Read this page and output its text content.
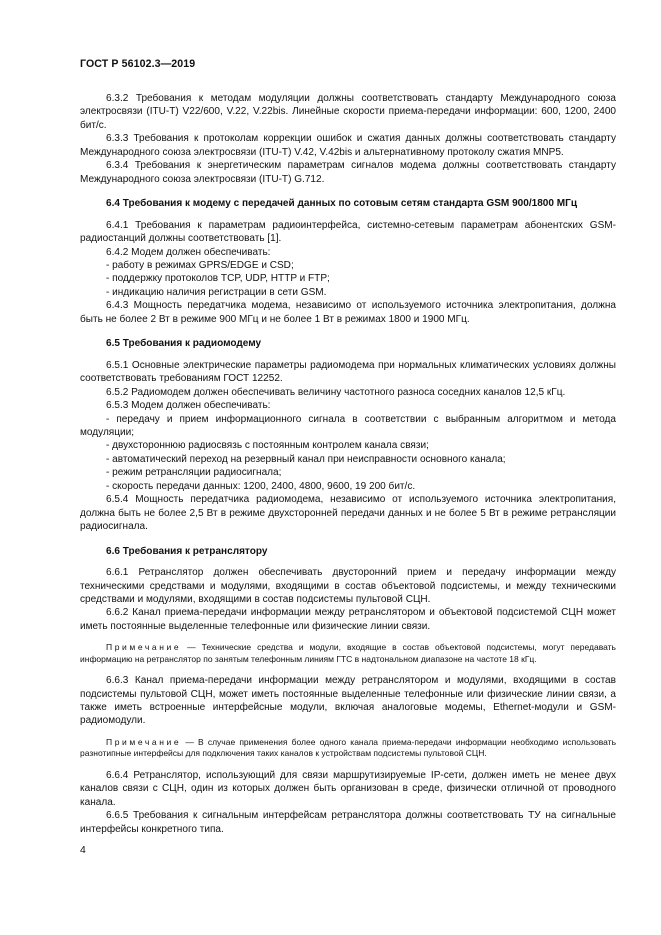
ГОСТ Р 56102.3—2019

6.3.2 Требования к методам модуляции должны соответствовать стандарту Международного союза электросвязи (ITU-T) V22/600, V.22, V.22bis. Линейные скорости приема-передачи информации: 600, 1200, 2400 бит/с.

6.3.3 Требования к протоколам коррекции ошибок и сжатия данных должны соответствовать стандарту Международного союза электросвязи (ITU-T) V.42, V.42bis и альтернативному протоколу сжатия MNP5.

6.3.4 Требования к энергетическим параметрам сигналов модема должны соответствовать стандарту Международного союза электросвязи (ITU-T) G.712.

6.4 Требования к модему с передачей данных по сотовым сетям стандарта GSM 900/1800 МГц

6.4.1 Требования к параметрам радиоинтерфейса, системно-сетевым параметрам абонентских GSM-радиостанций должны соответствовать [1].

6.4.2 Модем должен обеспечивать:

- работу в режимах GPRS/EDGE и CSD;

- поддержку протоколов TCP, UDP, HTTP и FTP;

- индикацию наличия регистрации в сети GSM.

6.4.3 Мощность передатчика модема, независимо от используемого источника электропитания, должна быть не более 2 Вт в режиме 900 МГц и не более 1 Вт в режимах 1800 и 1900 МГц.

6.5 Требования к радиомодему

6.5.1 Основные электрические параметры радиомодема при нормальных климатических условиях должны соответствовать требованиям ГОСТ 12252.

6.5.2 Радиомодем должен обеспечивать величину частотного разноса соседних каналов 12,5 кГц.

6.5.3 Модем должен обеспечивать:

- передачу и прием информационного сигнала в соответствии с выбранным алгоритмом и метода модуляции;

- двухстороннюю радиосвязь с постоянным контролем канала связи;

- автоматический переход на резервный канал при неисправности основного канала;

- режим ретрансляции радиосигнала;

- скорость передачи данных: 1200, 2400, 4800, 9600, 19 200 бит/с.

6.5.4 Мощность передатчика радиомодема, независимо от используемого источника электропитания, должна быть не более 2,5 Вт в режиме двухсторонней передачи данных и не более 5 Вт в режиме ретрансляции радиосигнала.

6.6 Требования к ретранслятору

6.6.1 Ретранслятор должен обеспечивать двусторонний прием и передачу информации между техническими средствами и модулями, входящими в состав объектовой подсистемы, и между техническими средствами и модулями, входящими в состав подсистемы пультовой СЦН.

6.6.2 Канал приема-передачи информации между ретранслятором и объектовой подсистемой СЦН может иметь постоянные выделенные телефонные или физические линии связи.

Примечание — Технические средства и модули, входящие в состав объектовой подсистемы, могут передавать информацию на ретранслятор по занятым телефонным линиям ГТС в надтональном диапазоне на частоте 18 кГц.

6.6.3 Канал приема-передачи информации между ретранслятором и модулями, входящими в состав подсистемы пультовой СЦН, может иметь постоянные выделенные телефонные или физические линии связи, а также иметь встроенные интерфейсные модули, включая аналоговые модемы, Ethernet-модули и GSM-радиомодули.

Примечание — В случае применения более одного канала приема-передачи информации необходимо использовать разнотипные интерфейсы для подключения таких каналов к устройствам подсистемы пультовой СЦН.

6.6.4 Ретранслятор, использующий для связи маршрутизируемые IP-сети, должен иметь не менее двух каналов связи с СЦН, один из которых должен быть организован в среде, физически отличной от проводного канала.

6.6.5 Требования к сигнальным интерфейсам ретранслятора должны соответствовать ТУ на сигнальные интерфейсы конкретного типа.

4
